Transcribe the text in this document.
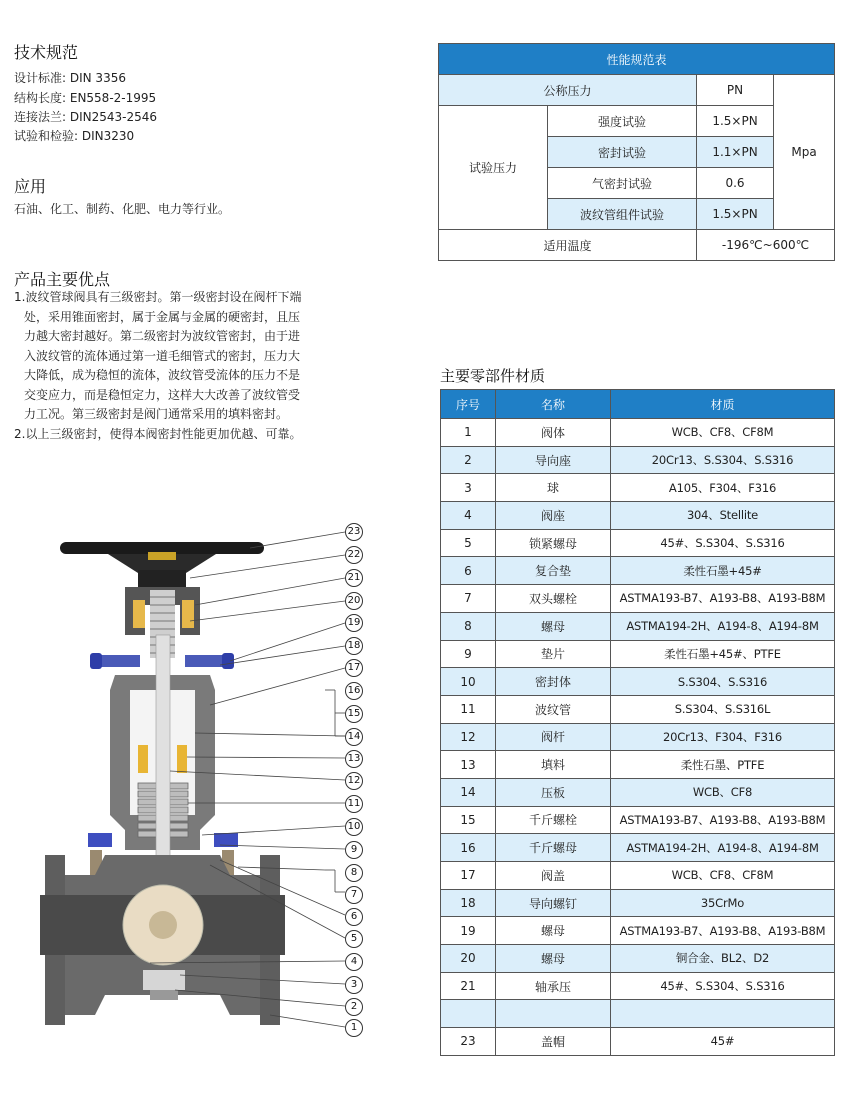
技术规范
设计标准: DIN 3356
结构长度: EN558-2-1995
连接法兰: DIN2543-2546
试验和检验: DIN3230
应用
石油、化工、制药、化肥、电力等行业。
产品主要优点
1.波纹管球阀具有三级密封。第一级密封设在阀杆下端
处，采用锥面密封，属于金属与金属的硬密封，且压
力越大密封越好。第二级密封为波纹管密封，由于进
入波纹管的流体通过第一道毛细管式的密封，压力大
大降低，成为稳恒的流体，波纹管受流体的压力不是
交变应力，而是稳恒定力，这样大大改善了波纹管受
力工况。第三级密封是阀门通常采用的填料密封。
2.以上三级密封，使得本阀密封性能更加优越、可靠。
性能规范表			
公称压力		PN	Mpa
试验压力	强度试验	1.5×PN	
	密封试验	1.1×PN	
	气密封试验	0.6	
	波纹管组件试验	1.5×PN	
适用温度		-196℃~600℃	
主要零部件材质
序号	名称	材质
1	阀体	WCB、CF8、CF8M
2	导向座	20Cr13、S.S304、S.S316
3	球	A105、F304、F316
4	阀座	304、Stellite
5	锁紧螺母	45#、S.S304、S.S316
6	复合垫	柔性石墨+45#
7	双头螺栓	ASTMA193-B7、A193-B8、A193-B8M
8	螺母	ASTMA194-2H、A194-8、A194-8M
9	垫片	柔性石墨+45#、PTFE
10	密封体	S.S304、S.S316
11	波纹管	S.S304、S.S316L
12	阀杆	20Cr13、F304、F316
13	填料	柔性石墨、PTFE
14	压板	WCB、CF8
15	千斤螺栓	ASTMA193-B7、A193-B8、A193-B8M
16	千斤螺母	ASTMA194-2H、A194-8、A194-8M
17	阀盖	WCB、CF8、CF8M
18	导向螺钉	35CrMo
19	螺母	ASTMA193-B7、A193-B8、A193-B8M
20	螺母	铜合金、BL2、D2
21	轴承压	45#、S.S304、S.S316

23	盖帽	45#
23
22
21
20
19
18
17
16
15
14
13
12
11
10
9
8
7
6
5
4
3
2
1
